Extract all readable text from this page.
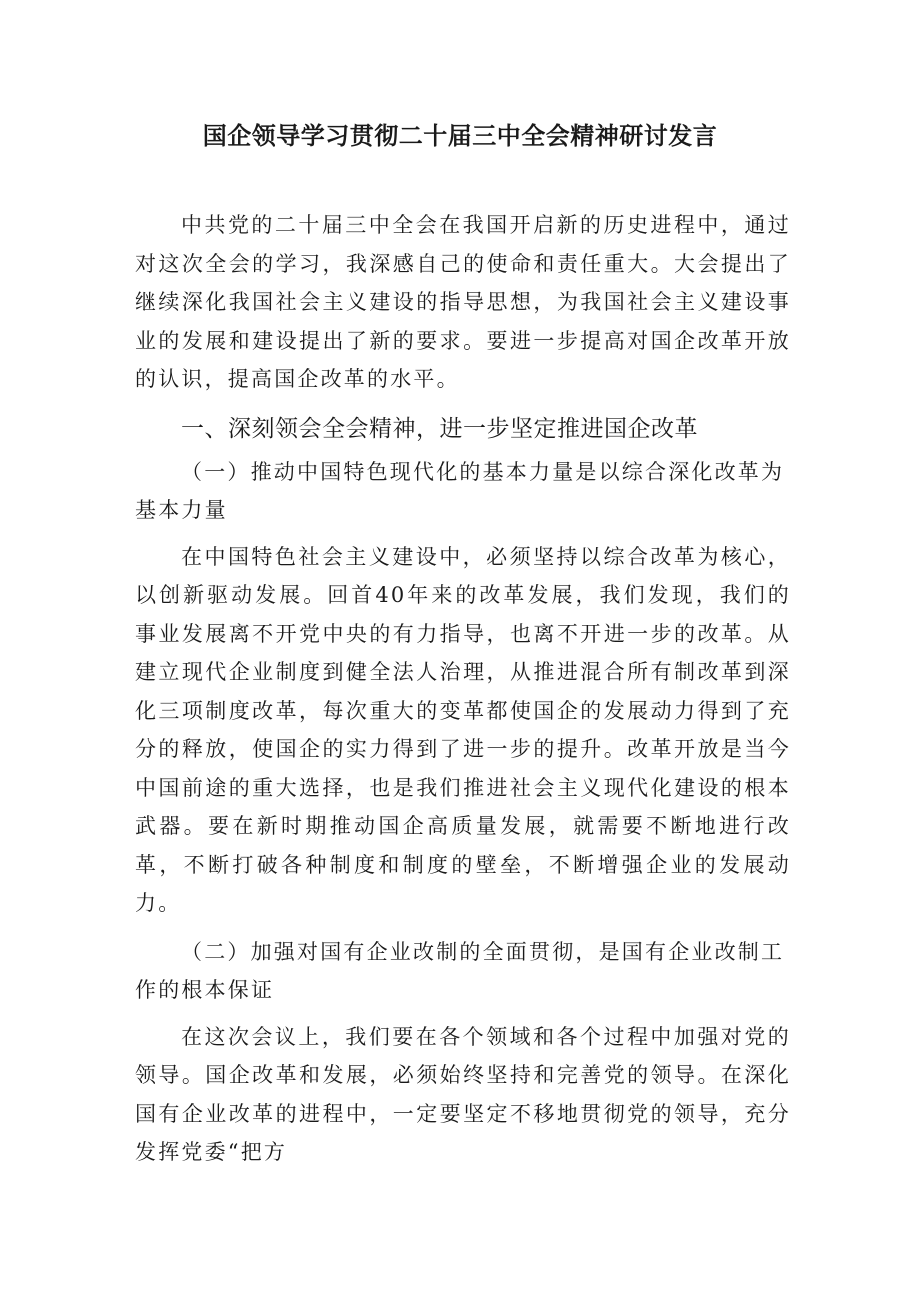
国企领导学习贯彻二十届三中全会精神研讨发言

中共党的二十届三中全会在我国开启新的历史进程中，通过对这次全会的学习，我深感自己的使命和责任重大。大会提出了继续深化我国社会主义建设的指导思想，为我国社会主义建设事业的发展和建设提出了新的要求。要进一步提高对国企改革开放的认识，提高国企改革的水平。

一、深刻领会全会精神，进一步坚定推进国企改革

（一）推动中国特色现代化的基本力量是以综合深化改革为基本力量

在中国特色社会主义建设中，必须坚持以综合改革为核心，以创新驱动发展。回首40年来的改革发展，我们发现，我们的事业发展离不开党中央的有力指导，也离不开进一步的改革。从建立现代企业制度到健全法人治理，从推进混合所有制改革到深化三项制度改革，每次重大的变革都使国企的发展动力得到了充分的释放，使国企的实力得到了进一步的提升。改革开放是当今中国前途的重大选择，也是我们推进社会主义现代化建设的根本武器。要在新时期推动国企高质量发展，就需要不断地进行改革，不断打破各种制度和制度的壁垒，不断增强企业的发展动力。

（二）加强对国有企业改制的全面贯彻，是国有企业改制工作的根本保证

在这次会议上，我们要在各个领域和各个过程中加强对党的领导。国企改革和发展，必须始终坚持和完善党的领导。在深化国有企业改革的进程中，一定要坚定不移地贯彻党的领导，充分发挥党委“把方
